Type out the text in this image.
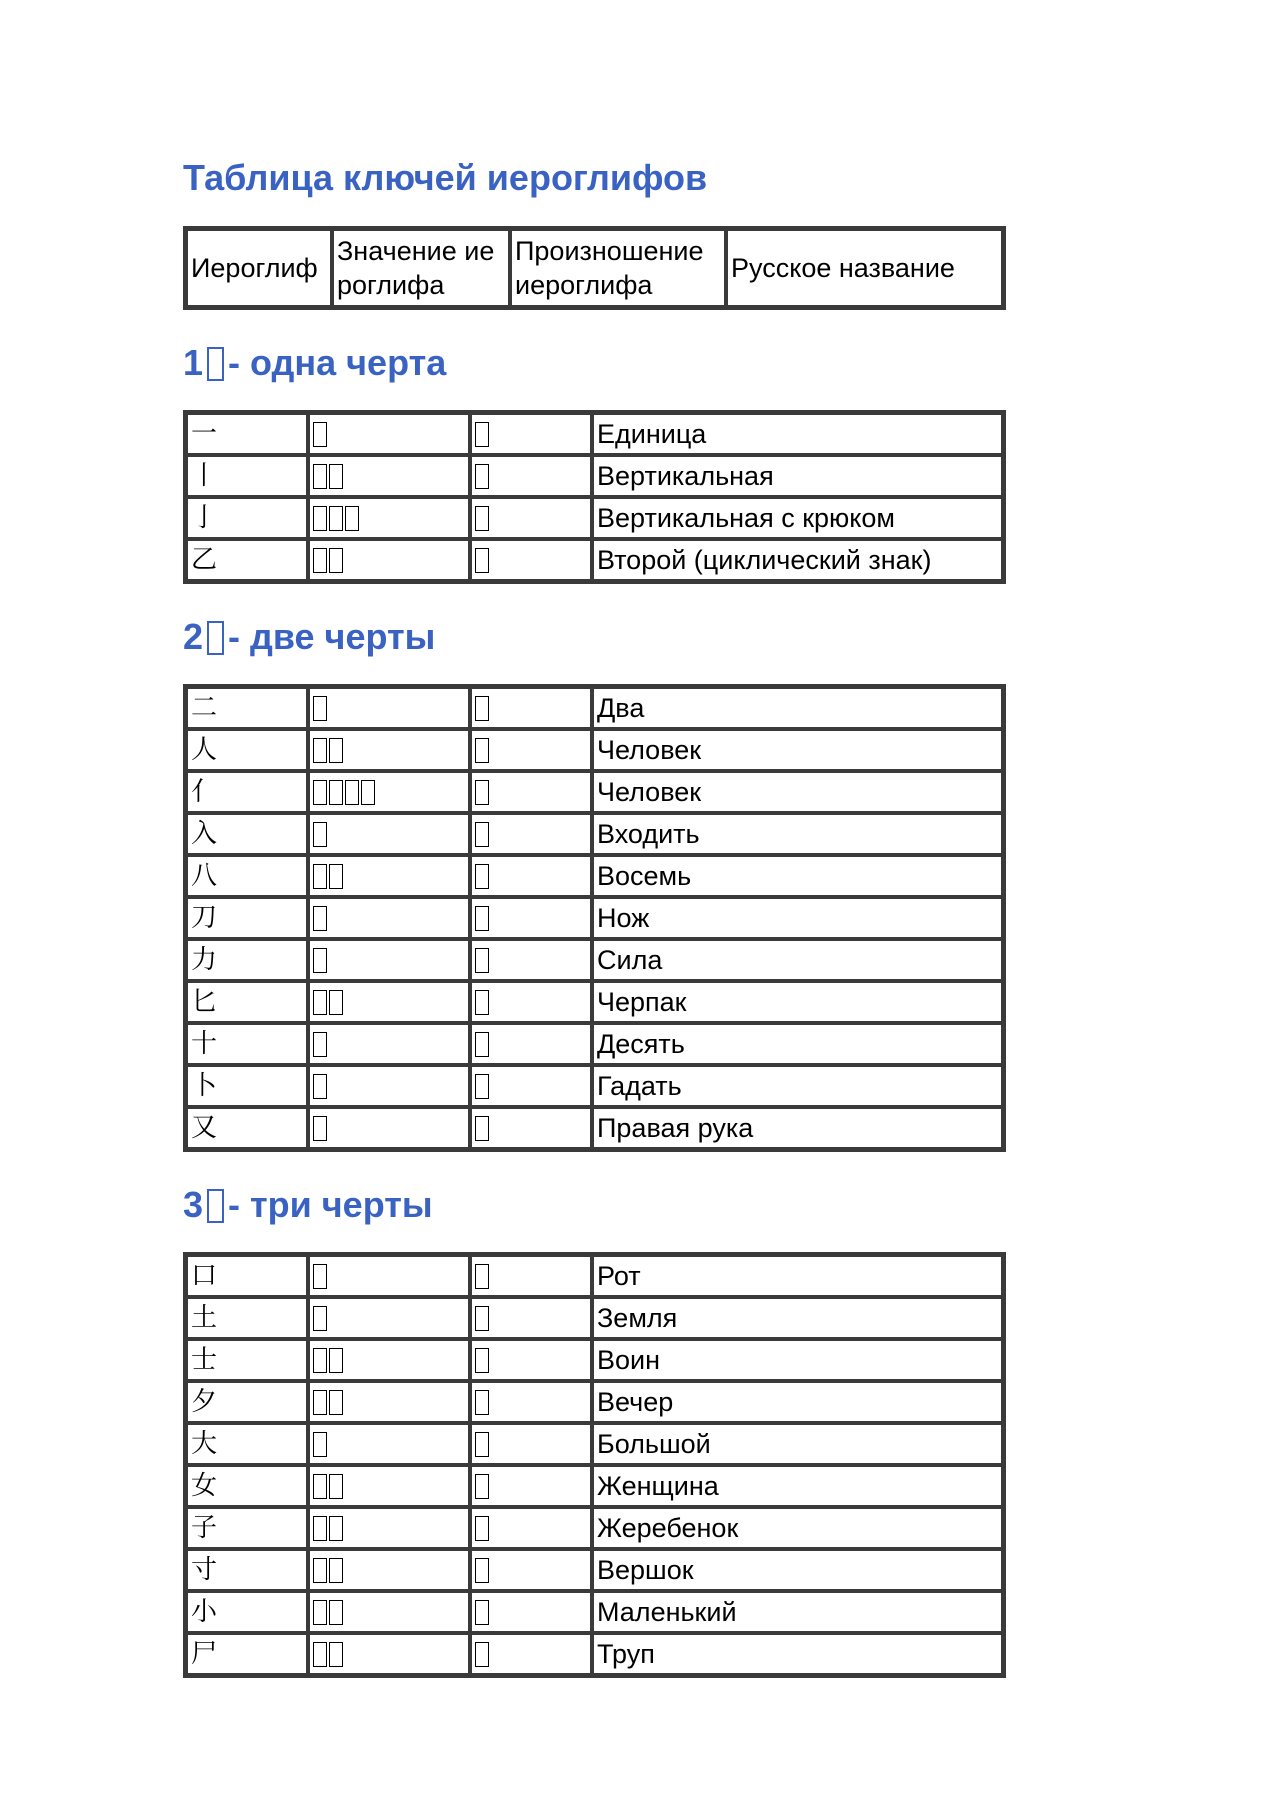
Таблица ключей иероглифов
Иероглиф	Значение иероглифа	Произношение иероглифа	Русское название
1 - одна черта
一			Единица
丨			Вертикальная
亅			Вертикальная с крюком
乙			Второй (циклический знак)
2 - две черты
二			Два
人			Человек
亻			Человек
入			Входить
八			Восемь
刀			Нож
力			Сила
匕			Черпак
十			Десять
卜			Гадать
又			Правая рука
3 - три черты
口			Рот
土			Земля
士			Воин
夕			Вечер
大			Большой
女			Женщина
子			Жеребенок
寸			Вершок
小			Маленький
尸			Труп
